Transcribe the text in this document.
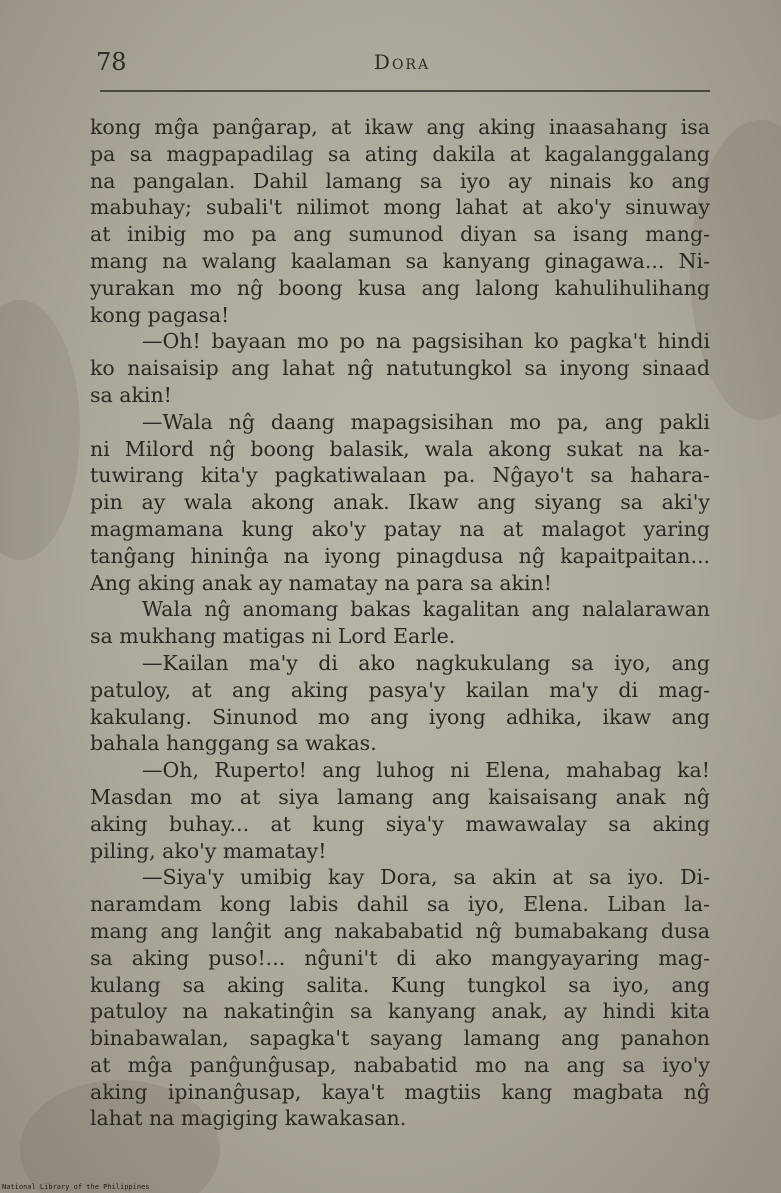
78	Dora
kong mĝa panĝarap, at ikaw ang aking inaasahang isa
pa sa magpapadilag sa ating dakila at kagalanggalang
na pangalan. Dahil lamang sa iyo ay ninais ko ang
mabuhay; subali't nilimot mong lahat at ako'y sinuway
at inibig mo pa ang sumunod diyan sa isang mang-
mang na walang kaalaman sa kanyang ginagawa... Ni-
yurakan mo nĝ boong kusa ang lalong kahulihulihang
kong pagasa!
—Oh! bayaan mo po na pagsisihan ko pagka't hindi
ko naisaisip ang lahat nĝ natutungkol sa inyong sinaad
sa akin!
—Wala nĝ daang mapagsisihan mo pa, ang pakli
ni Milord nĝ boong balasik, wala akong sukat na ka-
tuwirang kita'y pagkatiwalaan pa. Nĝayo't sa hahara-
pin ay wala akong anak. Ikaw ang siyang sa aki'y
magmamana kung ako'y patay na at malagot yaring
tanĝang hininĝa na iyong pinagdusa nĝ kapaitpaitan...
Ang aking anak ay namatay na para sa akin!
Wala nĝ anomang bakas kagalitan ang nalalarawan
sa mukhang matigas ni Lord Earle.
—Kailan ma'y di ako nagkukulang sa iyo, ang
patuloy, at ang aking pasya'y kailan ma'y di mag-
kakulang. Sinunod mo ang iyong adhika, ikaw ang
bahala hanggang sa wakas.
—Oh, Ruperto! ang luhog ni Elena, mahabag ka!
Masdan mo at siya lamang ang kaisaisang anak nĝ
aking buhay... at kung siya'y mawawalay sa aking
piling, ako'y mamatay!
—Siya'y umibig kay Dora, sa akin at sa iyo. Di-
naramdam kong labis dahil sa iyo, Elena. Liban la-
mang ang lanĝit ang nakababatid nĝ bumabakang dusa
sa aking puso!... nĝuni't di ako mangyayaring mag-
kulang sa aking salita. Kung tungkol sa iyo, ang
patuloy na nakatinĝin sa kanyang anak, ay hindi kita
binabawalan, sapagka't sayang lamang ang panahon
at mĝa panĝunĝusap, nababatid mo na ang sa iyo'y
aking ipinanĝusap, kaya't magtiis kang magbata nĝ
lahat na magiging kawakasan.
National Library of the Philippines
